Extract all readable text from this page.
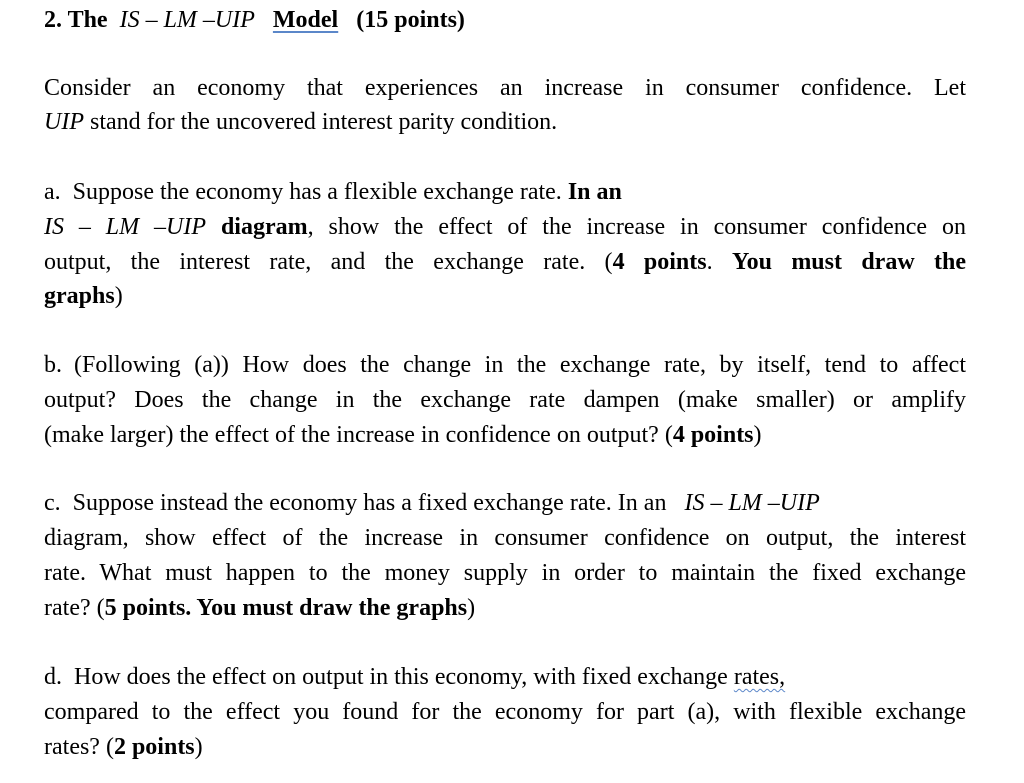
2. The IS – LM –UIP Model (15 points)
Consider an economy that experiences an increase in consumer confidence. Let
UIP stand for the uncovered interest parity condition.
a. Suppose the economy has a flexible exchange rate. In an
IS – LM –UIP diagram, show the effect of the increase in consumer confidence on
output, the interest rate, and the exchange rate. (4 points. You must draw the
graphs)
b. (Following (a)) How does the change in the exchange rate, by itself, tend to affect
output? Does the change in the exchange rate dampen (make smaller) or amplify
(make larger) the effect of the increase in confidence on output? (4 points)
c. Suppose instead the economy has a fixed exchange rate. In an IS – LM –UIP
diagram, show effect of the increase in consumer confidence on output, the interest
rate. What must happen to the money supply in order to maintain the fixed exchange
rate? (5 points. You must draw the graphs)
d. How does the effect on output in this economy, with fixed exchange rates,
compared to the effect you found for the economy for part (a), with flexible exchange
rates? (2 points)
